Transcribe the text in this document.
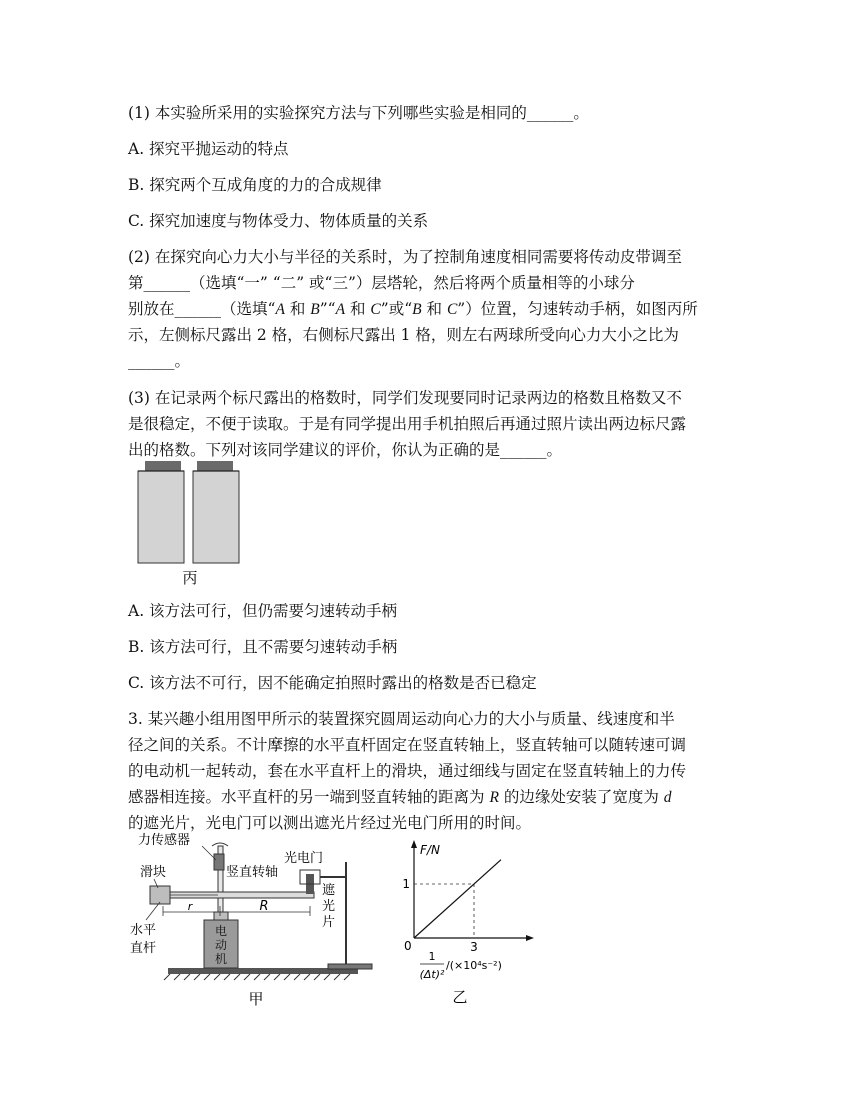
(1) 本实验所采用的实验探究方法与下列哪些实验是相同的______。

A. 探究平抛运动的特点

B. 探究两个互成角度的力的合成规律

C. 探究加速度与物体受力、物体质量的关系

(2) 在探究向心力大小与半径的关系时，为了控制角速度相同需要将传动皮带调至

第______（选填“一” “二” 或“三”）层塔轮，然后将两个质量相等的小球分

别放在______（选填“A 和 B”“A 和 C”或“B 和 C”）位置，匀速转动手柄，如图丙所

示，左侧标尺露出 2 格，右侧标尺露出 1 格，则左右两球所受向心力大小之比为

______。

(3) 在记录两个标尺露出的格数时，同学们发现要同时记录两边的格数且格数又不

是很稳定，不便于读取。于是有同学提出用手机拍照后再通过照片读出两边标尺露

出的格数。下列对该同学建议的评价，你认为正确的是______。

丙

A. 该方法可行，但仍需要匀速转动手柄

B. 该方法可行，且不需要匀速转动手柄

C. 该方法不可行，因不能确定拍照时露出的格数是否已稳定

3. 某兴趣小组用图甲所示的装置探究圆周运动向心力的大小与质量、线速度和半

径之间的关系。不计摩擦的水平直杆固定在竖直转轴上，竖直转轴可以随转速可调

的电动机一起转动，套在水平直杆上的滑块，通过细线与固定在竖直转轴上的力传

感器相连接。水平直杆的另一端到竖直转轴的距离为 R 的边缘处安装了宽度为 d

的遮光片，光电门可以测出遮光片经过光电门所用的时间。

电
动
机
r	R
力传感器
滑块	竖直转轴
光电门
遮
光
片
水平
直杆
甲
F/N
0
1
3
1
(Δt)²
/(×10⁴s⁻²)
乙
